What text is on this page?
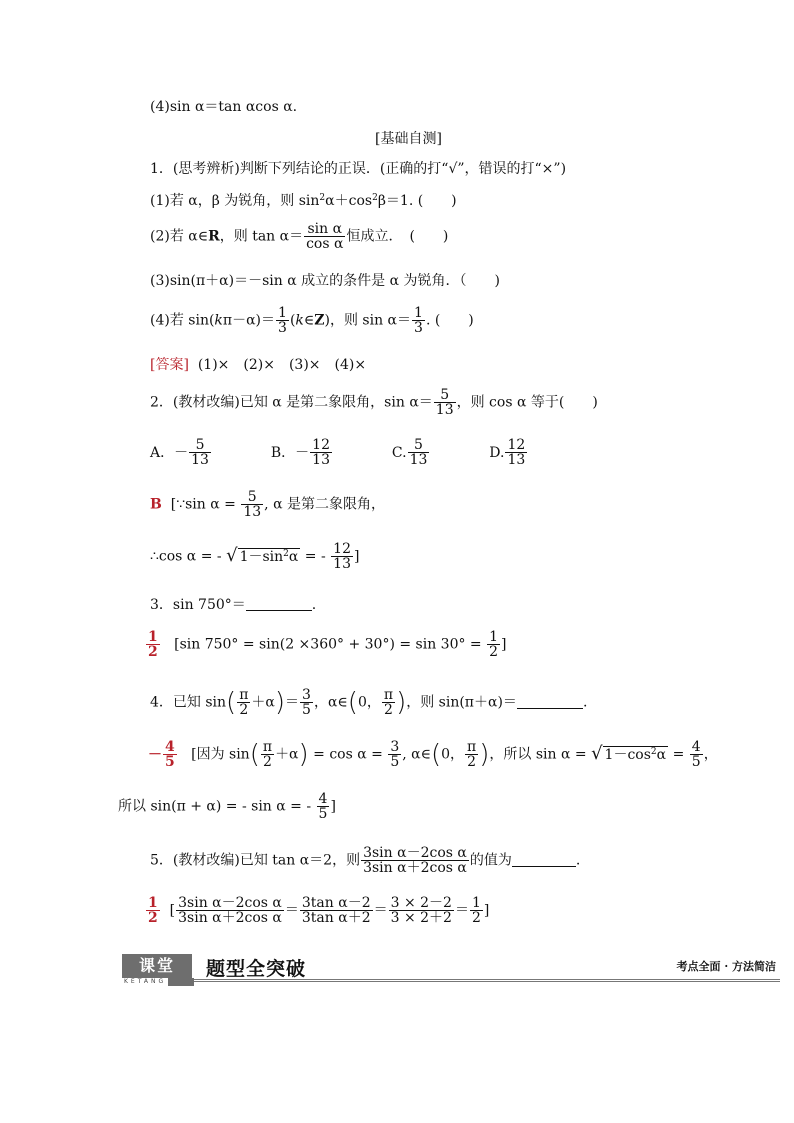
(4)sin α＝tan αcos α.
[基础自测]
1．(思考辨析)判断下列结论的正误．(正确的打“√”，错误的打“×”)
(1)若 α，β 为锐角，则 $\sin^2\alpha+\cos^2\beta=1$. (　　)
(2)若 α∈R，则 $\tan \alpha= \frac{\text{sin α}}{\text{cos α}}$ 恒成立．　(　　)
(3)sin(π＋α)＝－sin α 成立的条件是 α 为锐角．（　　)
(4)若 $\sin(k\pi-\alpha)= \frac{1}{3}$ (k∈Z)，则 $\sin \alpha= \frac{1}{3}$ . (　　)
[答案] (1)×　(2)×　(3)×　(4)×
2．(教材改编)已知 α 是第二象限角，$\sin \alpha= \frac{5}{13}$ ，则 cos α 等于(　　)
A．－ $\frac{5}{13}$	B．－ $\frac{12}{13}$	C. $\frac{5}{13}$	D. $\frac{12}{13}$
B [∵sin $\alpha = \frac{5}{13}$ , α 是第二象限角，
∴cos α = - √ $1-\sin^2\alpha$ = - $\frac{12}{13}$ ]
3．sin 750°＝	.
$\frac{1}{2} [\sin$ $750^\circ = \sin(2 \times 360^\circ + 30^\circ) = \sin 30^\circ = \frac{1}{2}$ ]
4．已知 $\sin( \frac{\pi}{2} +\alpha)= \frac{3}{5}$ ，α∈(0， $\frac{\pi}{2}$ )，则 sin(π＋α)＝	.
－ $\frac{4}{5}$ [因为 $\sin( \frac{\pi}{2} +\alpha) = \cos \alpha = \frac{3}{5}$ , α∈(0， $\frac{\pi}{2}$ )，所以 sin α = √ $1-\cos^2\alpha = \frac{4}{5}$ ，
所以 sin(π + α) = - sin α = - $\frac{4}{5}$ ]
5．(教材改编)已知 tan α＝2，则 $\frac{\text{3sin α－2cos α}}{\text{3sin α＋2cos α}}$ 的值为	.
$\frac{1}{2}$ [ $\frac{\text{3sin α－2cos α}}{\text{3sin α＋2cos α}} = \frac{\text{3tan α－2}}{\text{3tan α＋2}} = \frac{3 \times 2-2}{3 \times 2+2} = \frac{1}{2}$ ]
课堂
KETANG
题型全突破	考点全面 · 方法简洁
